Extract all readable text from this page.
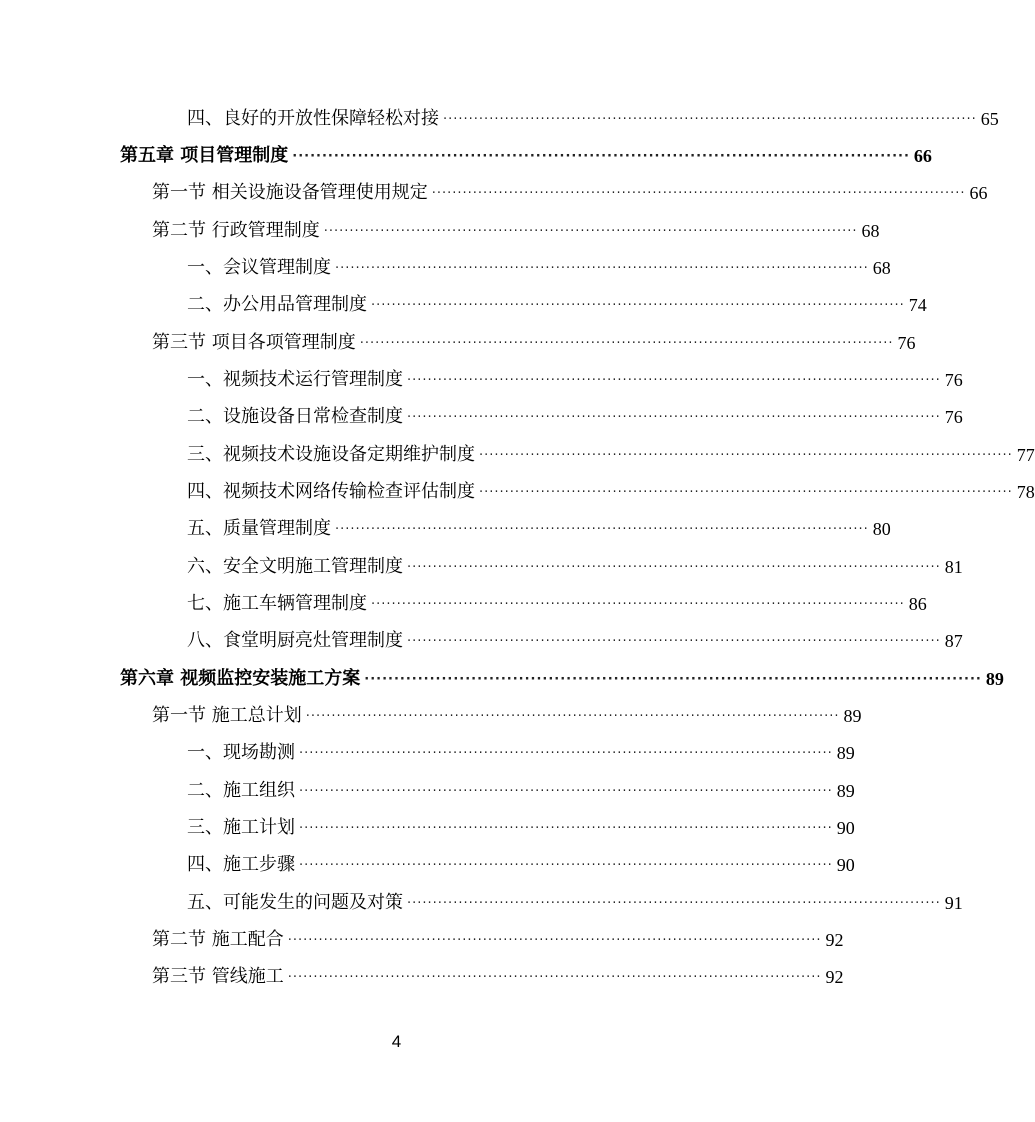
四、良好的开放性保障轻松对接 ········································································································ 65
第五章 项目管理制度 ········································································································ 66
第一节 相关设施设备管理使用规定 ········································································································ 66
第二节 行政管理制度 ········································································································ 68
一、会议管理制度 ········································································································ 68
二、办公用品管理制度 ········································································································ 74
第三节 项目各项管理制度 ········································································································ 76
一、视频技术运行管理制度 ········································································································ 76
二、设施设备日常检查制度 ········································································································ 76
三、视频技术设施设备定期维护制度 ········································································································ 77
四、视频技术网络传输检查评估制度 ········································································································ 78
五、质量管理制度 ········································································································ 80
六、安全文明施工管理制度 ········································································································ 81
七、施工车辆管理制度 ········································································································ 86
八、食堂明厨亮灶管理制度 ········································································································ 87
第六章 视频监控安装施工方案 ········································································································ 89
第一节 施工总计划 ········································································································ 89
一、现场勘测 ········································································································ 89
二、施工组织 ········································································································ 89
三、施工计划 ········································································································ 90
四、施工步骤 ········································································································ 90
五、可能发生的问题及对策 ········································································································ 91
第二节 施工配合 ········································································································ 92
第三节 管线施工 ········································································································ 92
4
